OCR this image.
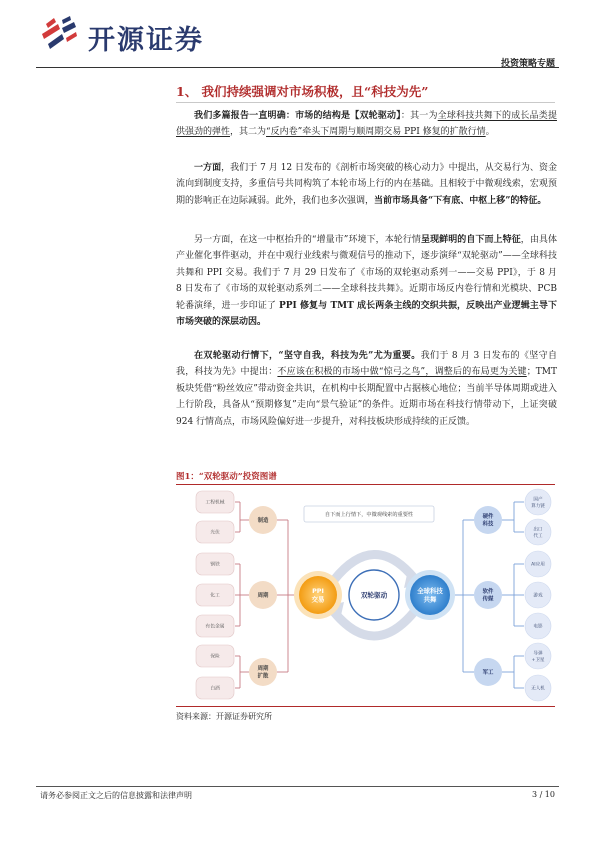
开源证券
投资策略专题
1、 我们持续强调对市场积极，且“科技为先”

我们多篇报告一直明确：市场的结构是【双轮驱动】：其一为全球科技共舞下的成长品类提供强劲的弹性，其二为“反内卷”牵头下周期与顺周期交易 PPI 修复的扩散行情。

一方面，我们于 7 月 12 日发布的《剖析市场突破的核心动力》中提出，从交易行为、资金流向到制度支持，多重信号共同构筑了本轮市场上行的内在基础。且相较于中微观线索，宏观预期的影响正在边际减弱。此外，我们也多次强调，当前市场具备“下有底、中枢上移”的特征。

另一方面，在这一中枢抬升的“增量市”环境下，本轮行情呈现鲜明的自下而上特征，由具体产业催化事件驱动，并在中观行业线索与微观信号的推动下，逐步演绎“双轮驱动”——全球科技共舞和 PPI 交易。我们于 7 月 29 日发布了《市场的双轮驱动系列一——交易 PPI》，于 8 月 8 日发布了《市场的双轮驱动系列二——全球科技共舞》。近期市场反内卷行情和光模块、PCB 轮番演绎，进一步印证了 PPI 修复与 TMT 成长两条主线的交织共振，反映出产业逻辑主导下市场突破的深层动因。

在双轮驱动行情下，“坚守自我，科技为先”尤为重要。我们于 8 月 3 日发布的《坚守自我，科技为先》中提出：不应该在积极的市场中做“惊弓之鸟”，调整后的布局更为关键；TMT 板块凭借“粉丝效应”带动资金共识，在机构中长期配置中占据核心地位；当前半导体周期或进入上行阶段，具备从“预期修复”走向“景气验证”的条件。近期市场在科技行情带动下，上证突破 924 行情高点，市场风险偏好进一步提升，对科技板块形成持续的正反馈。

图1：“双轮驱动”投资图谱
自下而上行情下，中微观线索的重要性
工程机械
光伏
钢铁
化工
有色金属
保险
白酒
制造
周期
周期
扩散
PPI
交易
双轮驱动
全球科技
共舞
硬件
科技
软件
传媒
军工
国产
算力链
出口
代工
AI应用
游戏
电影
导弹
+卫星
无人机
资料来源：开源证券研究所
请务必参阅正文之后的信息披露和法律声明	3 / 10
